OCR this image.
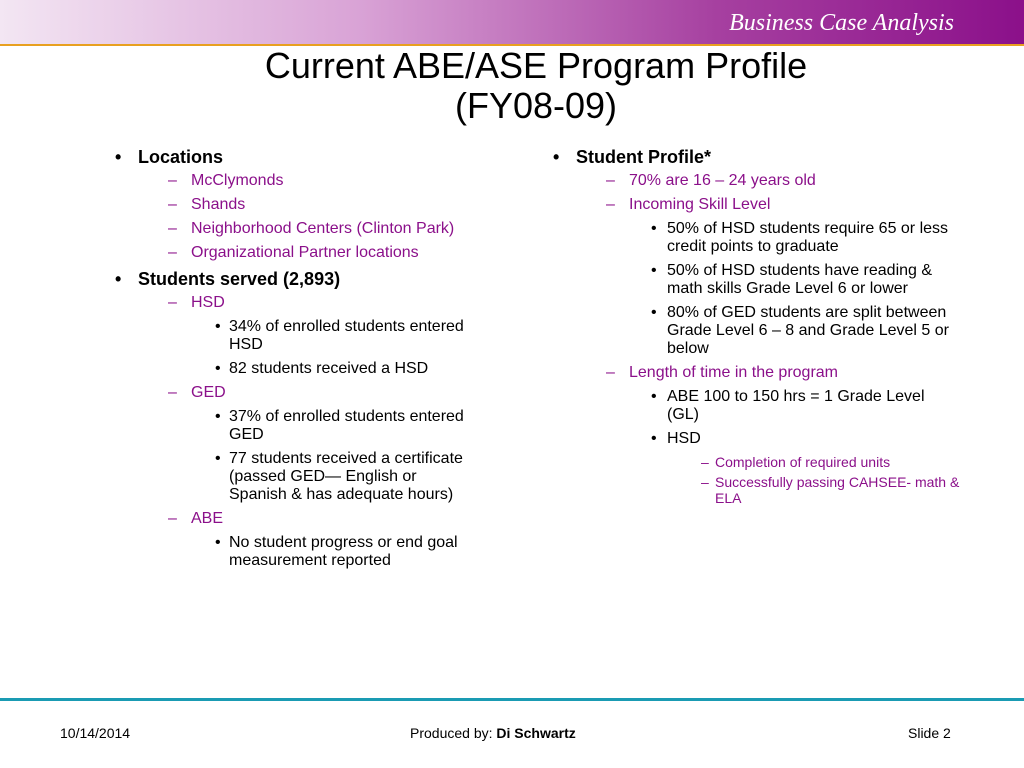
Business Case Analysis
Current ABE/ASE Program Profile
(FY08-09)
• Locations
– McClymonds
– Shands
– Neighborhood Centers (Clinton Park)
– Organizational Partner locations
• Students served (2,893)
– HSD
• 34% of enrolled students entered HSD
• 82 students received a HSD
– GED
• 37% of enrolled students entered GED
• 77 students received a certificate (passed GED— English or Spanish & has adequate hours)
– ABE
• No student progress or end goal measurement reported
• Student Profile*
– 70% are 16 – 24 years old
– Incoming Skill Level
• 50% of HSD students require 65 or less credit points to graduate
• 50% of HSD students have reading & math skills Grade Level 6 or lower
• 80% of GED students are split between Grade Level 6 – 8 and Grade Level 5 or below
– Length of time in the program
• ABE 100 to 150 hrs = 1 Grade Level (GL)
• HSD
– Completion of required units
– Successfully passing CAHSEE- math & ELA
10/14/2014	Produced by: Di Schwartz	Slide 2
